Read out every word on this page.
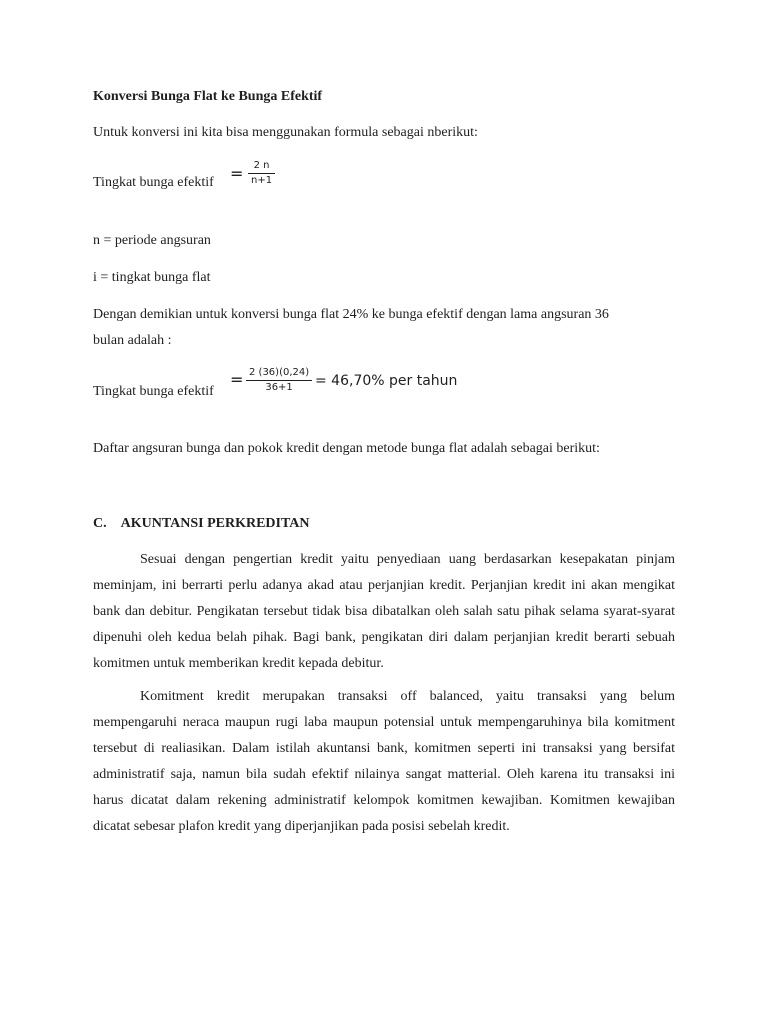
Konversi Bunga Flat ke Bunga Efektif
Untuk konversi ini kita bisa menggunakan formula sebagai nberikut:
Tingkat bunga efektif =	2 n
n+1
n = periode angsuran
i = tingkat bunga flat
Dengan demikian untuk konversi bunga flat 24% ke bunga efektif dengan lama angsuran 36
bulan adalah :
Tingkat bunga efektif
= 2 (36)(0,24)
36+1 = 46,70% per tahun
Daftar angsuran bunga dan pokok kredit dengan metode bunga flat adalah sebagai berikut:
C.    AKUNTANSI PERKREDITAN
Sesuai dengan pengertian kredit yaitu penyediaan uang berdasarkan kesepakatan pinjam meminjam, ini berrarti perlu adanya akad atau perjanjian kredit. Perjanjian kredit ini akan mengikat bank dan debitur. Pengikatan tersebut tidak bisa dibatalkan oleh salah satu pihak selama syarat-syarat dipenuhi oleh kedua belah pihak. Bagi bank, pengikatan diri dalam perjanjian kredit berarti sebuah komitmen untuk memberikan kredit kepada debitur.
Komitment kredit merupakan transaksi off balanced, yaitu transaksi yang belum mempengaruhi neraca maupun rugi laba maupun potensial untuk mempengaruhinya bila komitment tersebut di realiasikan. Dalam istilah akuntansi bank, komitmen seperti ini transaksi yang bersifat administratif saja, namun bila sudah efektif nilainya sangat matterial. Oleh karena itu transaksi ini harus dicatat dalam rekening administratif kelompok komitmen kewajiban. Komitmen kewajiban dicatat sebesar plafon kredit yang diperjanjikan pada posisi sebelah kredit.
